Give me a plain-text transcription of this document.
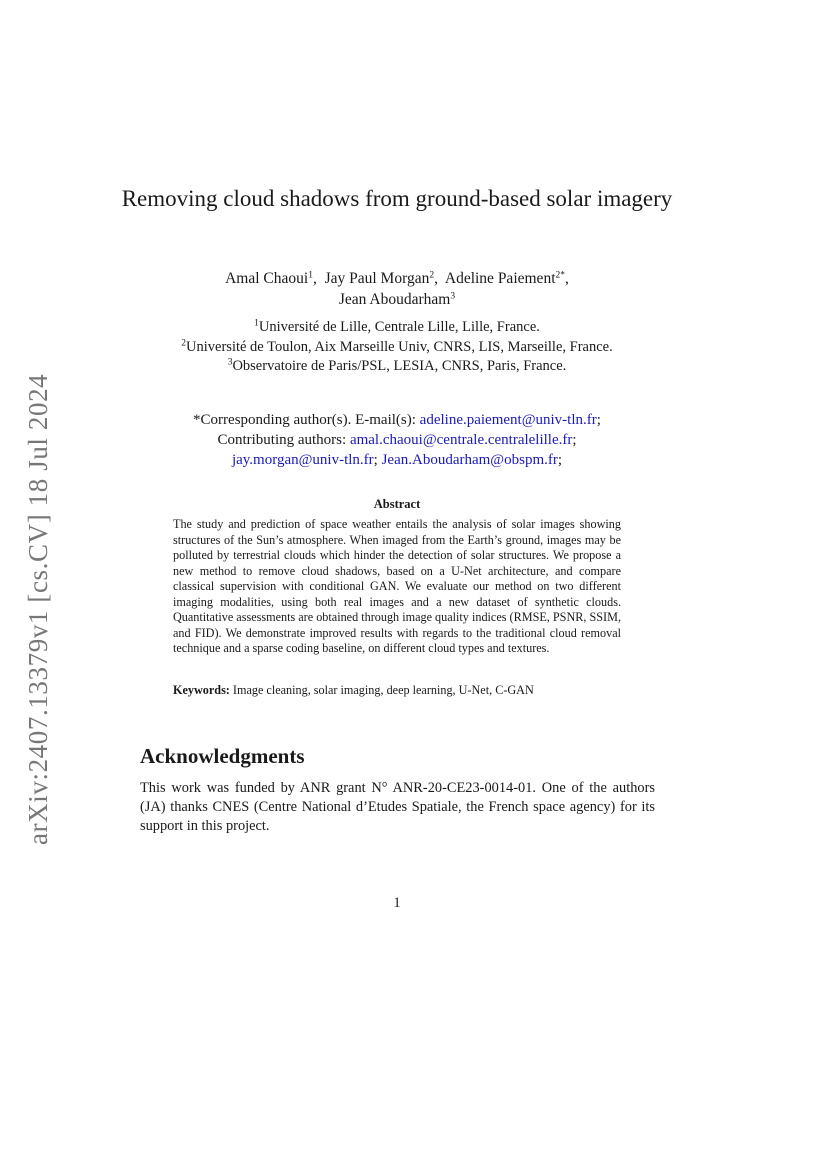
arXiv:2407.13379v1 [cs.CV] 18 Jul 2024
Removing cloud shadows from ground-based solar imagery
Amal Chaoui$^1$,  Jay Paul Morgan$^2$,  Adeline Paiement$^{2*}$,
Jean Aboudarham$^3$
$^1$Université de Lille, Centrale Lille, Lille, France.
$^2$Université de Toulon, Aix Marseille Univ, CNRS, LIS, Marseille, France.
$^3$Observatoire de Paris/PSL, LESIA, CNRS, Paris, France.
*Corresponding author(s). E-mail(s): adeline.paiement@univ-tln.fr;
Contributing authors: amal.chaoui@centrale.centralelille.fr;
jay.morgan@univ-tln.fr; Jean.Aboudarham@obspm.fr;
Abstract

The study and prediction of space weather entails the analysis of solar images showing structures of the Sun’s atmosphere. When imaged from the Earth’s ground, images may be polluted by terrestrial clouds which hinder the detection of solar structures. We propose a new method to remove cloud shadows, based on a U-Net architecture, and compare classical supervision with conditional GAN. We evaluate our method on two different imaging modalities, using both real images and a new dataset of synthetic clouds. Quantitative assessments are obtained through image quality indices (RMSE, PSNR, SSIM, and FID). We demonstrate improved results with regards to the traditional cloud removal technique and a sparse coding baseline, on different cloud types and textures.

Keywords: Image cleaning, solar imaging, deep learning, U-Net, C-GAN

Acknowledgments

This work was funded by ANR grant N° ANR-20-CE23-0014-01. One of the authors (JA) thanks CNES (Centre National d’Etudes Spatiale, the French space agency) for its support in this project.

1
